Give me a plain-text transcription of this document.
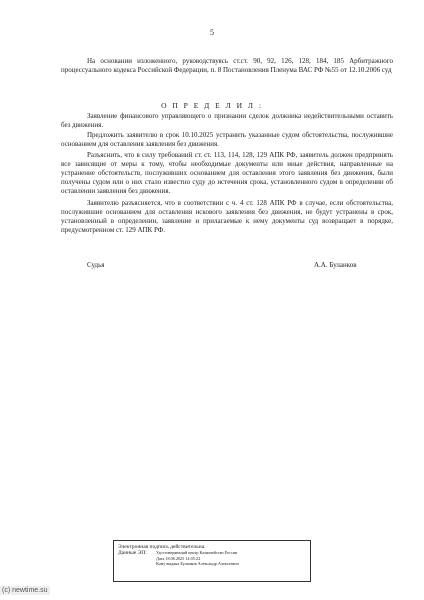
5

На основании изложенного, руководствуясь ст.ст. 90, 92, 126, 128, 184, 185 Арбитражного процессуального кодекса Российской Федерации, п. 8 Постановления Пленума ВАС РФ №55 от 12.10.2006 суд

О П Р Е Д Е Л И Л :

Заявление финансового управляющего о признании сделок должника недействительными оставить без движения.

Предложить заявителю в срок 10.10.2025 устранить указанные судом обстоятельства, послужившие основанием для оставления заявления без движения.

Разъяснить, что в силу требований ст. ст. 113, 114, 128, 129 АПК РФ, заявитель должен предпринять все зависящие от меры к тому, чтобы необходимые документы или иные действия, направленные на устранение обстоятельств, послуживших основанием для оставления этого заявления без движения, были получены судом или о них стало известно суду до истечения срока, установленного судом в определении об оставлении заявления без движения.

Заявителю разъясняется, что в соответствии с ч. 4 ст. 128 АПК РФ в случае, если обстоятельства, послужившие основанием для оставления искового заявления без движения, не будут устранены в срок, установленный в определении, заявление и прилагаемые к нему документы суд возвращает в порядке, предусмотренном ст. 129 АПК РФ.

Судья	А.А. Буланков
Электронная подпись действительна.
Данные ЭП:	Удостоверяющий центр Казначейство России
Дата 18.06.2025 14:05:22
Кому выдана Буланков Александр Алексеевич
(c) newtime.su
